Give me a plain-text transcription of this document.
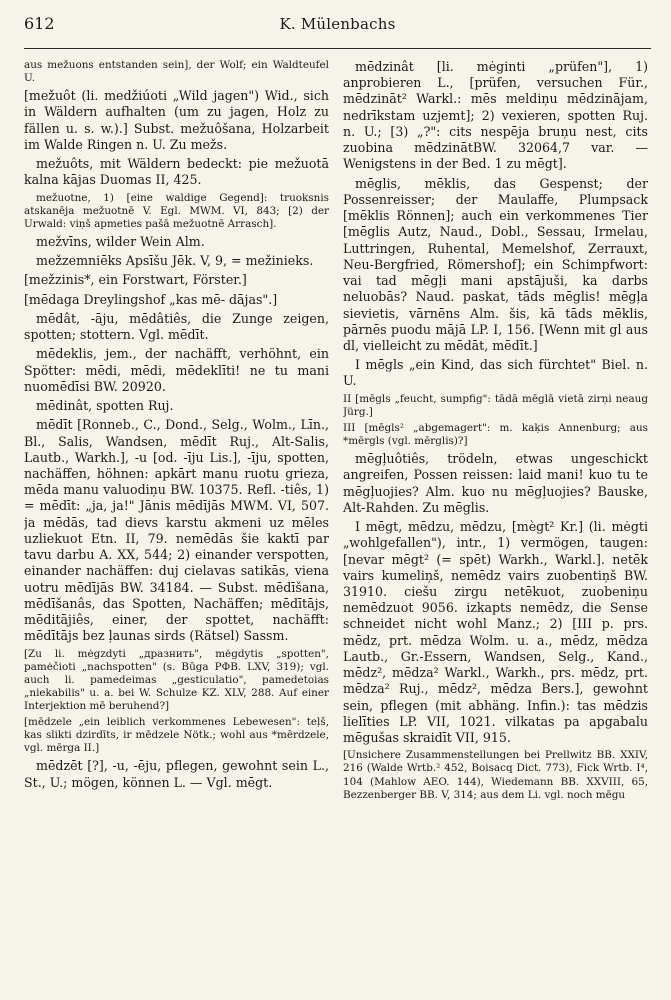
612	K. Mülenbachs

aus mežuons entstanden sein], der Wolf; ein Waldteufel U.

[mežuôt (li. medžiúoti „Wild jagen") Wid., sich in Wäldern aufhalten (um zu jagen, Holz zu fällen u. s. w.).] Subst. mežuôšana, Holzarbeit im Walde Ringen n. U. Zu mežs.

mežuôts, mit Wäldern bedeckt: pie mežuotā kalna kājas Duomas II, 425.

mežuotne, 1) [eine waldige Gegend]: truoksnis atskanēja mežuotnē V. Egl. MWM. VI, 843; [2) der Urwald: viņš apmeties pašā mežuotnē Arrasch].

mežvīns, wilder Wein Alm.

mežzemniēks Apsīšu Jēk. V, 9, = mežinieks.

[mežzinis*, ein Forstwart, Förster.]

[mēdaga Dreylingshof „kas mē- dājas".]

mēdât, -āju, mēdâtiês, die Zunge zeigen, spotten; stottern. Vgl. mēdīt.

mēdeklis, jem., der nachäfft, verhöhnt, ein Spötter: mēdi, mēdi, mēdeklīti! ne tu mani nuomēdīsi BW. 20920.

mēdinât, spotten Ruj.

mēdīt [Ronneb., C., Dond., Selg., Wolm., Līn., Bl., Salis, Wandsen, mēdīt Ruj., Alt-Salis, Lautb., Warkh.], -u [od. -īju Lis.], -īju, spotten, nachäffen, höhnen: apkārt manu ruotu grieza, mēda manu valuodiņu BW. 10375. Refl. -tiês, 1) = mēdīt: „ja, ja!" Jānis mēdījās MWM. VI, 507. ja mēdās, tad dievs karstu akmeni uz mēles uzliekuot Etn. II, 79. nemēdās šie kaktī par tavu darbu A. XX, 544; 2) einander verspotten, einander nachäffen: duj cielavas satikās, viena uotru mēdījās BW. 34184. — Subst. mēdīšana, mēdīšanâs, das Spotten, Nachäffen; mēdītājs, mēditājiês, einer, der spottet, nachäfft: mēdītājs bez ļaunas sirds (Rätsel) Sassm.

[Zu li. mėgzdyti „дразнить", mėgdytis „spotten", pamėčioti „nachspotten" (s. Būga РФВ. LXV, 319); vgl. auch li. pamedeimas „gesticulatio", pamedetoias „niekabilis" u. a. bei W. Schulze KZ. XLV, 288. Auf einer Interjektion mē beruhend?]

[mēdzele „ein leiblich verkommenes Lebewesen": teļš, kas slikti dzirdīts, ir mēdzele Nötk.; wohl aus *mērdzele, vgl. mērga II.]

mēdzēt [?], -u, -ēju, pflegen, gewohnt sein L., St., U.; mögen, können L. — Vgl. mēgt.

mēdzinât [li. mėginti „prüfen"], 1) anprobieren L., [prüfen, versuchen Für., mēdzināt² Warkl.: mēs meldiņu mēdzinājam, nedrīkstam uzjemt]; 2) vexieren, spotten Ruj. n. U.; [3) „?": cits nespēja bruņu nest, cits zuobina mēdzinātBW. 32064,7 var. — Wenigstens in der Bed. 1 zu mēgt].

mēglis, mēklis, das Gespenst; der Possenreisser; der Maulaffe, Plumpsack [mēklis Rönnen]; auch ein verkommenes Tier [mēglis Autz, Naud., Dobl., Sessau, Irmelau, Luttringen, Ruhental, Memelshof, Zerrauxt, Neu-Bergfried, Römershof]; ein Schimpfwort: vai tad mēgļi mani apstājuši, ka darbs neluobās? Naud. paskat, tāds mēglis! mēgļa sievietis, vārnēns Alm. šis, kā tāds mēklis, pārnēs puodu mājā LP. I, 156. [Wenn mit gl aus dl, vielleicht zu mēdāt, mēdīt.]

I mēgls „ein Kind, das sich fürchtet" Biel. n. U.

II [mēgls „feucht, sumpfig": tādā mēglā vietā zirņi neaug Jürg.]

III [mēgls² „abgemagert": m. kaķis Annenburg; aus *mērgls (vgl. mērglis)?]

mēgļuôtiês, trödeln, etwas ungeschickt angreifen, Possen reissen: laid mani! kuo tu te mēgļuojies? Alm. kuo nu mēgļuojies? Bauske, Alt-Rahden. Zu mēglis.

I mēgt, mēdzu, mēdzu, [mègt² Kr.] (li. mėgti „wohlgefallen"), intr., 1) vermögen, taugen: [nevar mēgt² (= spēt) Warkh., Warkl.]. netēk vairs kumeliņš, nemēdz vairs zuobentiņš BW. 31910. ciešu zirgu netēkuot, zuobeniņu nemēdzuot 9056. izkapts nemēdz, die Sense schneidet nicht wohl Manz.; 2) [III p. prs. mēdz, prt. mēdza Wolm. u. a., mēdz, mēdza Lautb., Gr.-Essern, Wandsen, Selg., Kand., mēdz², mēdza² Warkl., Warkh., prs. mēdz, prt. mēdza² Ruj., mēdz², mēdza Bers.], gewohnt sein, pflegen (mit abhäng. Infin.): tas mēdzis lielīties LP. VII, 1021. vilkatas pa apgabalu mēgušas skraidīt VII, 915.

[Unsichere Zusammenstellungen bei Prellwitz BB. XXIV, 216 (Walde Wrtb.² 452, Boisacq Dict. 773), Fick Wrtb. I⁴, 104 (Mahlow AEO. 144), Wiedemann BB. XXVIII, 65, Bezzenberger BB. V, 314; aus dem Li. vgl. noch mēgu
